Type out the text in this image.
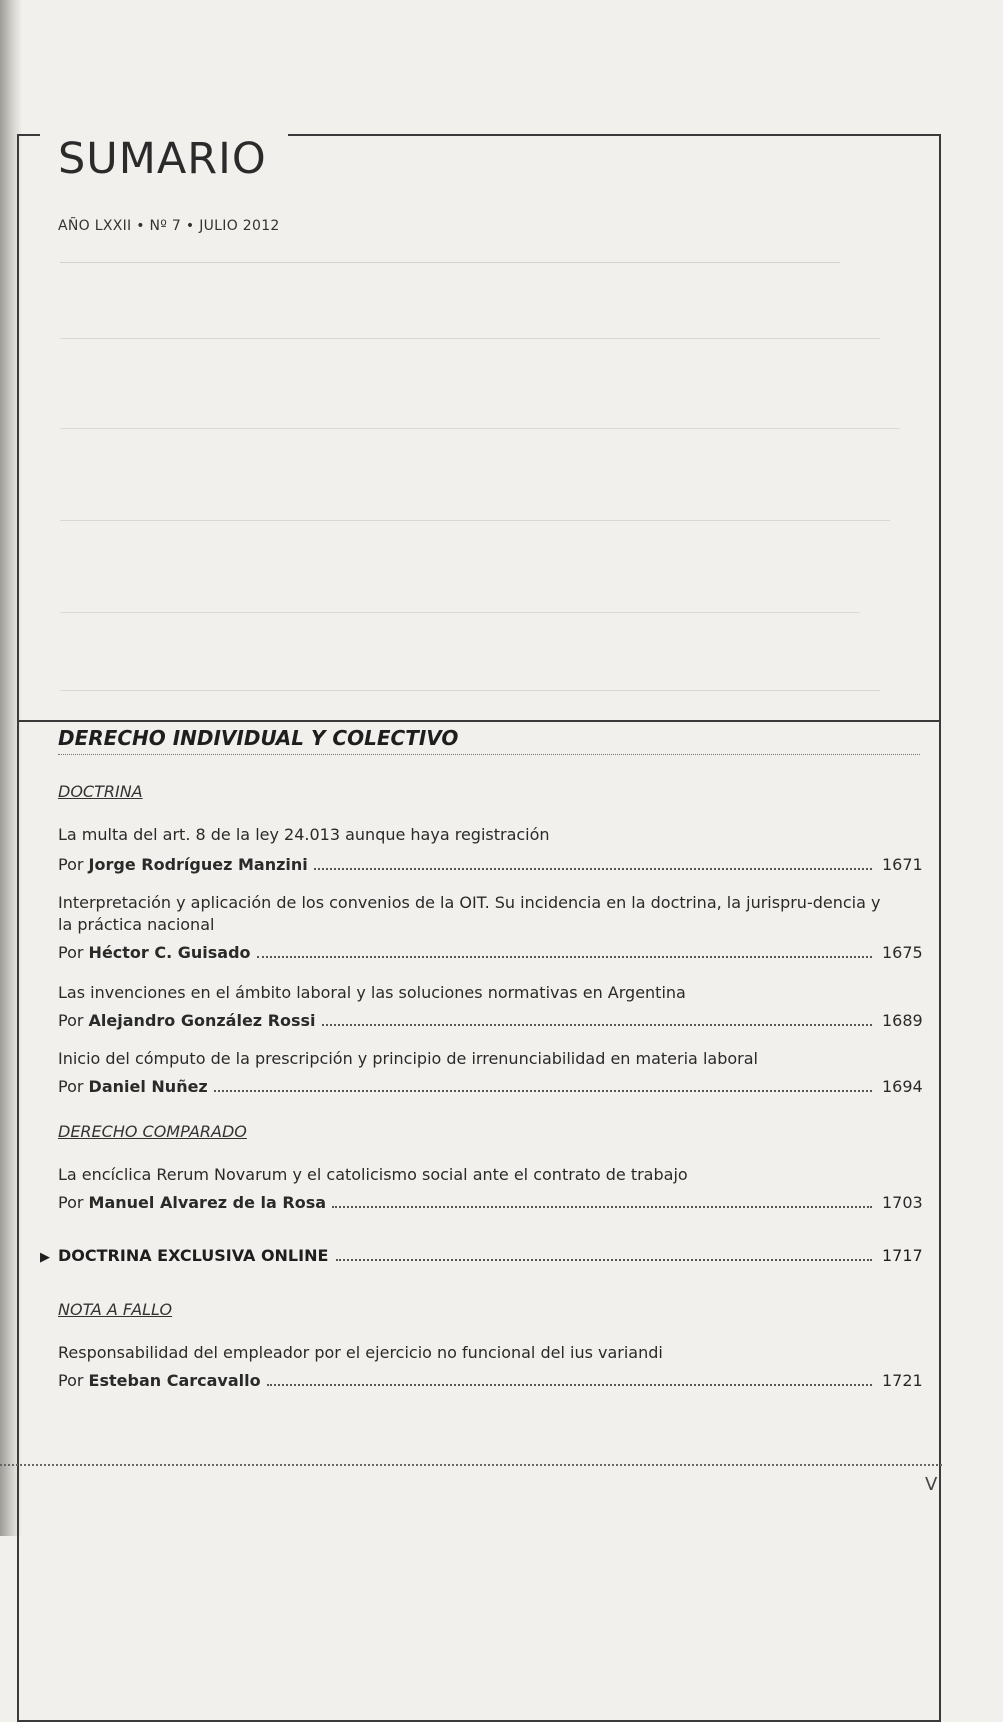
SUMARIO
AÑO LXXII • Nº 7 • JULIO 2012
DERECHO INDIVIDUAL Y COLECTIVO
DOCTRINA
La multa del art. 8 de la ley 24.013 aunque haya registración
Por
Jorge Rodríguez Manzini	1671
Interpretación y aplicación de los convenios de la OIT. Su incidencia en la doctrina, la jurispru-dencia y la práctica nacional
Por
Héctor C. Guisado	1675
Las invenciones en el ámbito laboral y las soluciones normativas en Argentina
Por
Alejandro González Rossi	1689
Inicio del cómputo de la prescripción y principio de irrenunciabilidad en materia laboral
Por
Daniel Nuñez	1694
DERECHO COMPARADO
La encíclica Rerum Novarum y el catolicismo social ante el contrato de trabajo
Por
Manuel Alvarez de la Rosa	1703
▶ DOCTRINA EXCLUSIVA ONLINE	1717
NOTA A FALLO
Responsabilidad del empleador por el ejercicio no funcional del ius variandi
Por
Esteban Carcavallo	1721
V
